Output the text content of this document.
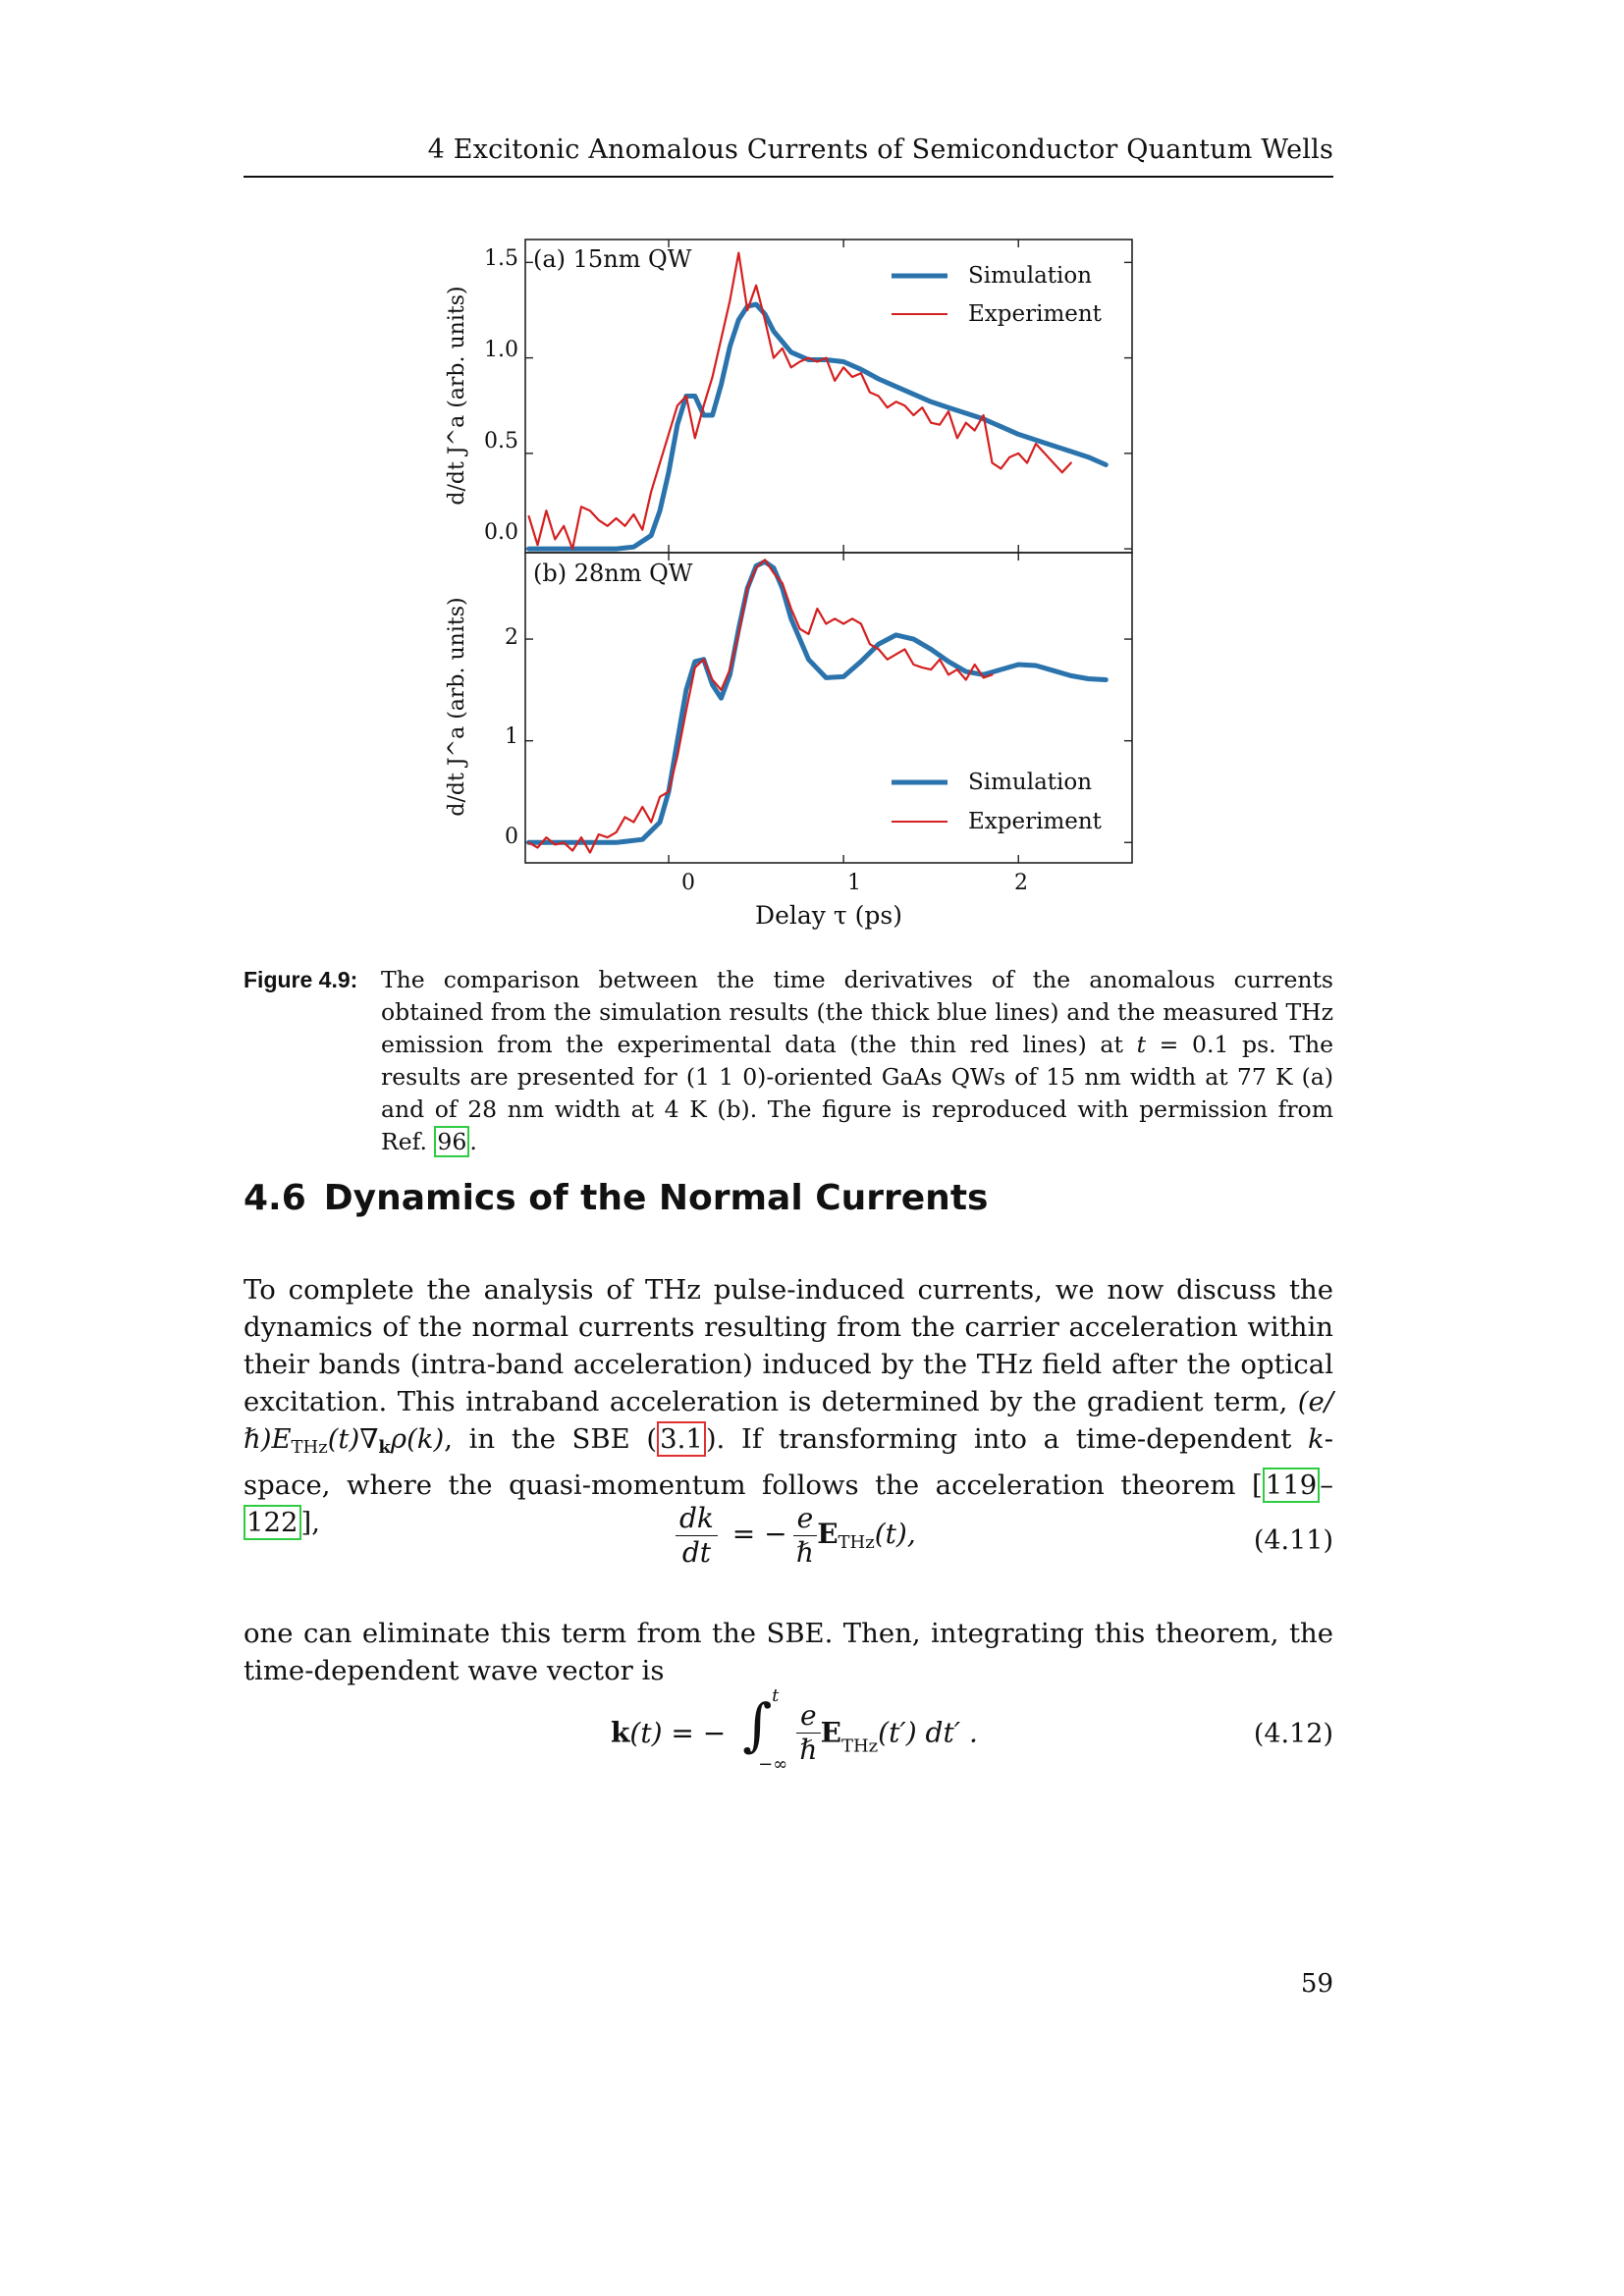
4 Excitonic Anomalous Currents of Semiconductor Quantum Wells
(a) 15nm QW
(b) 28nm QW
1.5
1.0
0.5
0.0
2
1
0
0	1	2
Delay τ (ps)
d/dt J^a (arb. units)
d/dt J^a (arb. units)
Simulation
Experiment
Simulation
Experiment
Figure 4.9: The comparison between the time derivatives of the anomalous currents obtained from the simulation results (the thick blue lines) and the measured THz emission from the experimental data (the thin red lines) at t = 0.1 ps. The results are presented for (1 1 0)-oriented GaAs QWs of 15 nm width at 77 K (a) and of 28 nm width at 4 K (b). The figure is reproduced with permission from Ref. 96 .
4.6 Dynamics of the Normal Currents
To complete the analysis of THz pulse-induced currents, we now discuss the dynamics of the normal currents resulting from the carrier acceleration within their bands (intra-band acceleration) induced by the THz field after the optical excitation. This intraband acceleration is determined by the gradient term, $(e/\hbar)E_{THz}(t)\nabla_k\rho(k)$, in the SBE ( 3.1 ). If transforming into a time-dependent k-space, where the quasi-momentum follows the acceleration theorem [ 119 –122 ],	$\frac{dk}{dt}$ = − $\frac{e}{\text{ℏ}} E_{THz}(t)$,	(4.11)
one can eliminate this term from the SBE. Then, integrating this theorem, the time-dependent wave vector is
k(t) = − ∫ t
−∞
$\frac{e}{\text{ℏ}} E_{THz}(t')$ dt′ .	(4.12)
59
